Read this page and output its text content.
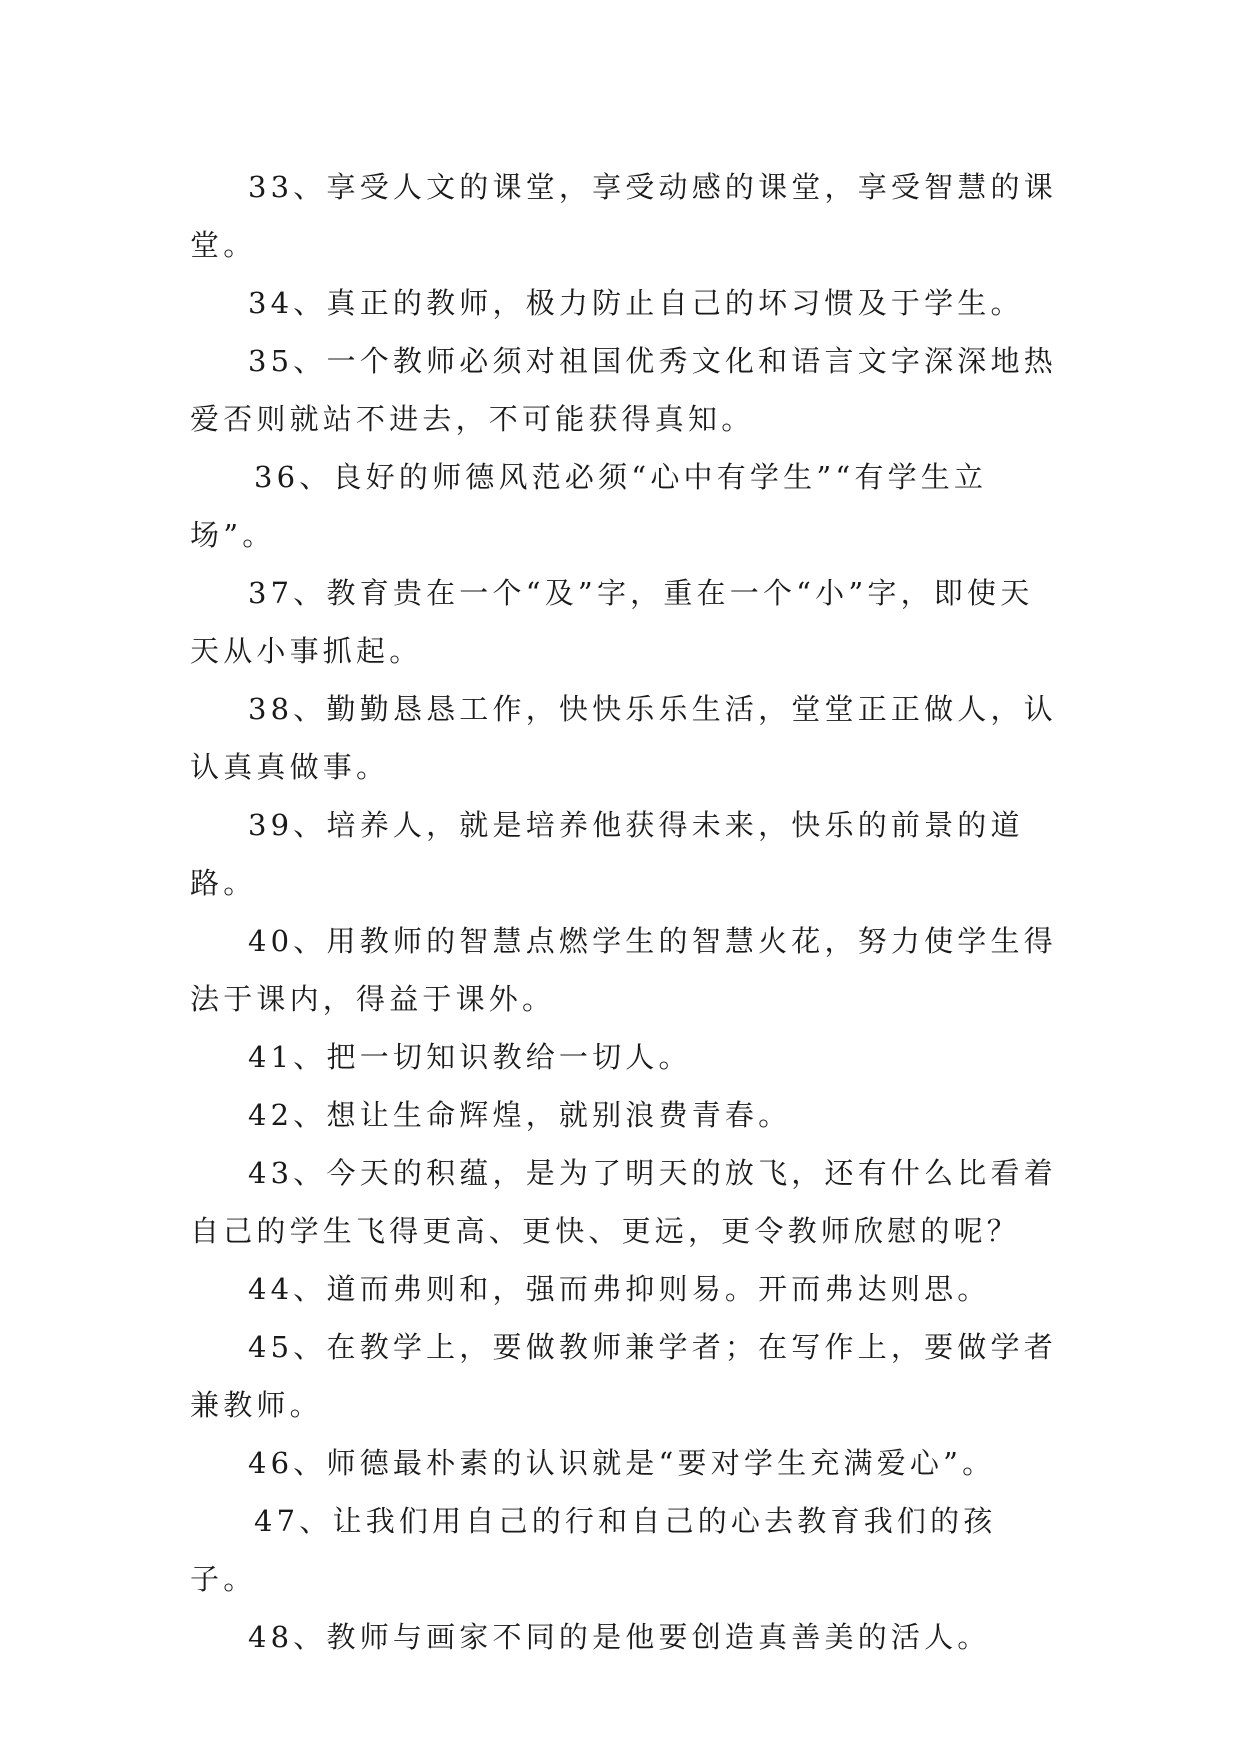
33、享受人文的课堂，享受动感的课堂，享受智慧的课堂。

34、真正的教师，极力防止自己的坏习惯及于学生。

35、一个教师必须对祖国优秀文化和语言文字深深地热爱否则就站不进去，不可能获得真知。

36、良好的师德风范必须“心中有学生”“有学生立场”。

37、教育贵在一个“及”字，重在一个“小”字，即使天天从小事抓起。

38、勤勤恳恳工作，快快乐乐生活，堂堂正正做人，认认真真做事。

39、培养人，就是培养他获得未来，快乐的前景的道路。

40、用教师的智慧点燃学生的智慧火花，努力使学生得法于课内，得益于课外。

41、把一切知识教给一切人。

42、想让生命辉煌，就别浪费青春。

43、今天的积蕴，是为了明天的放飞，还有什么比看着自己的学生飞得更高、更快、更远，更令教师欣慰的呢？

44、道而弗则和，强而弗抑则易。开而弗达则思。

45、在教学上，要做教师兼学者；在写作上，要做学者兼教师。

46、师德最朴素的认识就是“要对学生充满爱心”。

47、让我们用自己的行和自己的心去教育我们的孩子。

48、教师与画家不同的是他要创造真善美的活人。
